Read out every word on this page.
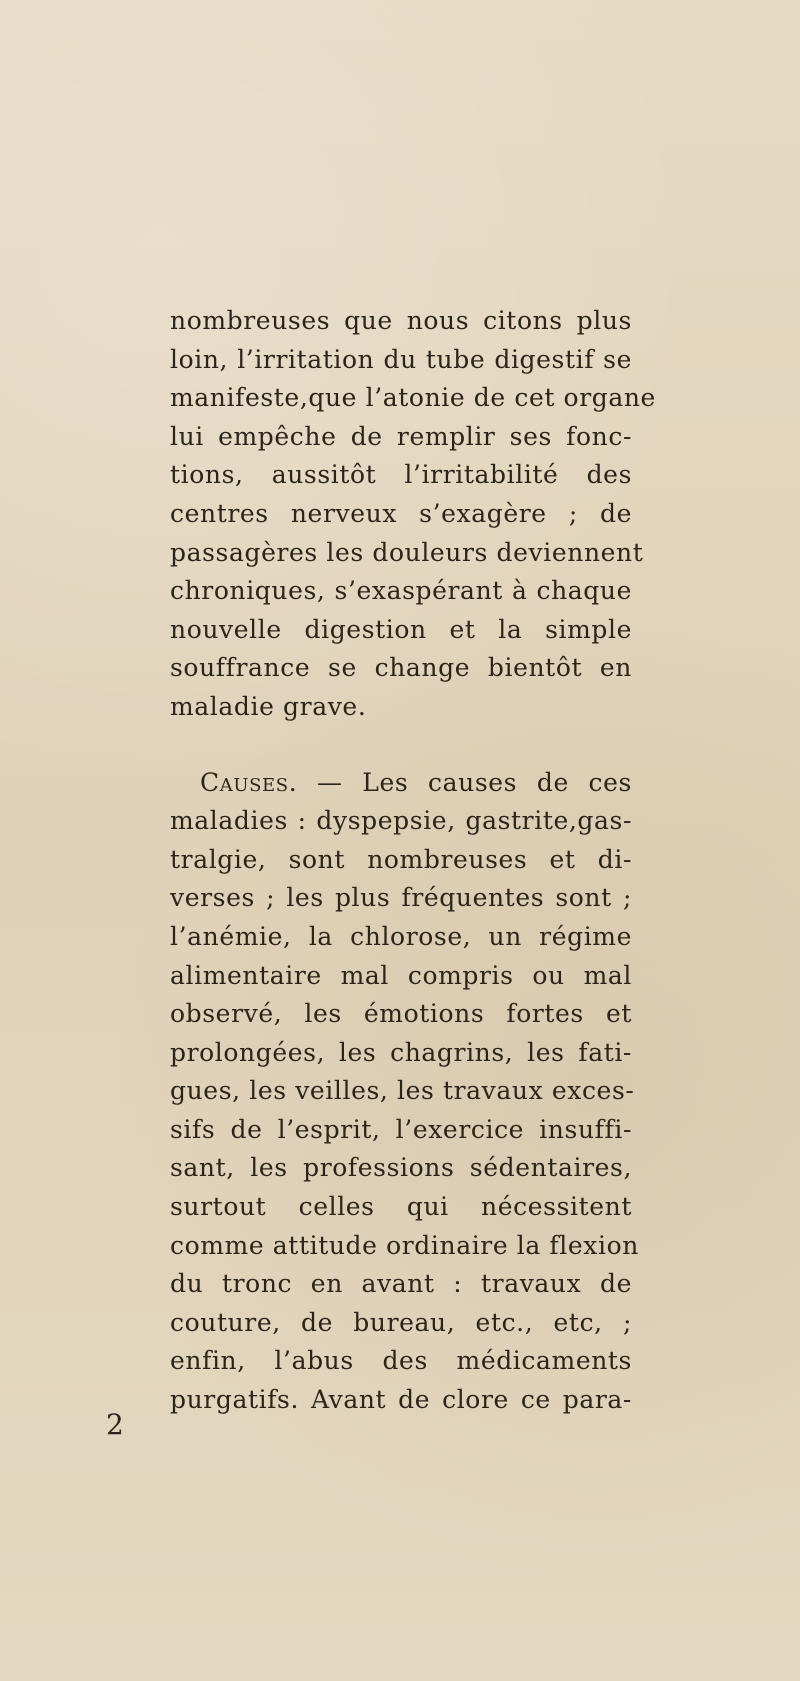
nombreuses que nous citons plus
loin, l’irritation du tube digestif se
manifeste,que l’atonie de cet organe
lui empêche de remplir ses fonc-
tions, aussitôt l’irritabilité des
centres nerveux s’exagère ; de
passagères les douleurs deviennent
chroniques, s’exaspérant à chaque
nouvelle digestion et la simple
souffrance se change bientôt en
maladie grave.
Causes. — Les causes de ces
maladies : dyspepsie, gastrite,gas-
tralgie, sont nombreuses et di-
verses ; les plus fréquentes sont ;
l’anémie, la chlorose, un régime
alimentaire mal compris ou mal
observé, les émotions fortes et
prolongées, les chagrins, les fati-
gues, les veilles, les travaux exces-
sifs de l’esprit, l’exercice insuffi-
sant, les professions sédentaires,
surtout celles qui nécessitent
comme attitude ordinaire la flexion
du tronc en avant : travaux de
couture, de bureau, etc., etc, ;
enfin, l’abus des médicaments
purgatifs. Avant de clore ce para-
2
